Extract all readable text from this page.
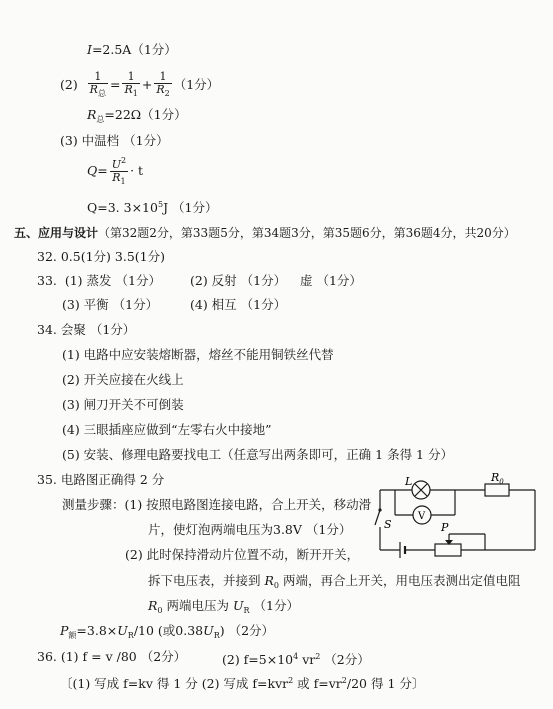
I=2.5A（1分）
$(2) \frac{1}{R_总} = \frac{1}{R_1} + \frac{1}{R_2} (1$分）
$R_总=22\Omega(1$分）
(3) 中温档 （1分）
$Q= \frac{U^2}{R_1} \cdot t$
Q=3. $3\times 10^5J$ （1分）
五、应用与设计（第32题2分，第33题5分，第34题3分，第35题6分，第36题4分，共20分）
32. 0.5(1分) 3.5(1分)
33. (1) 蒸发 （1分） (2) 反射 （1分） 虚 （1分）
(3) 平衡 （1分）	(4) 相互 （1分）
34. 会聚 （1分）
(1) 电路中应安装熔断器，熔丝不能用铜铁丝代替
(2) 开关应接在火线上
(3) 闸刀开关不可倒装
(4) 三眼插座应做到“左零右火中接地”
(5) 安装、修理电路要找电工（任意写出两条即可，正确 1 条得 1 分）
35. 电路图正确得 2 分
测量步骤：(1) 按照电路图连接电路，合上开关，移动滑
片，使灯泡两端电压为3.8V （1分）
(2) 此时保持滑动片位置不动，断开开关，
拆下电压表，并接到 $R_0$ 两端，再合上开关，用电压表测出定值电阻
$R_0$ 两端电压为 $U_R$ （1分）
$P_额=3.8\times U_R/10$ (或$0.38U_R$) （2分）
36. (1) f = v /80 （2分）	(2) $f=5\times 10^4$ $vr^2$ （2分）
〔(1) 写成 f=kv 得 1 分 (2) 写成 f=kvr$^2$ 或 $f=vr^2/20$ 得 1 分〕
L
V
$R_0$
S	P
